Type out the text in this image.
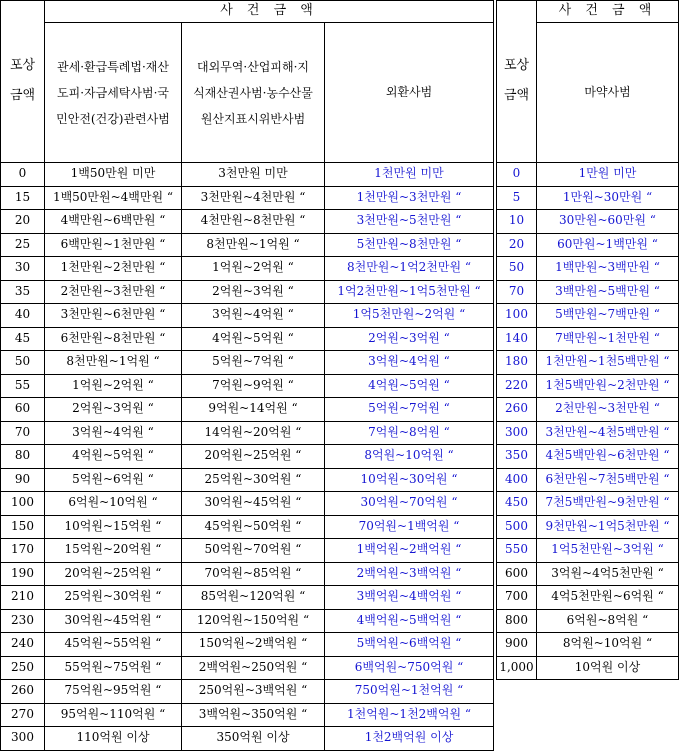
포상

금액	사 건 금 액		
	관세·환급특례법·재산
도피·자금세탁사범·국
민안전(건강)관련사범	대외무역·산업피해·지
식재산권사범·농수산물
원산지표시위반사범	외환사범
0	1백50만원 미만	3천만원 미만	1천만원 미만
15	1백50만원~4백만원 “	3천만원~4천만원 “	1천만원~3천만원 “
20	4백만원~6백만원 “	4천만원~8천만원 “	3천만원~5천만원 “
25	6백만원~1천만원 “	8천만원~1억원 “	5천만원~8천만원 “
30	1천만원~2천만원 “	1억원~2억원 “	8천만원~1억2천만원 “
35	2천만원~3천만원 “	2억원~3억원 “	1억2천만원~1억5천만원 “
40	3천만원~6천만원 “	3억원~4억원 “	1억5천만원~2억원 “
45	6천만원~8천만원 “	4억원~5억원 “	2억원~3억원 “
50	8천만원~1억원 “	5억원~7억원 “	3억원~4억원 “
55	1억원~2억원 “	7억원~9억원 “	4억원~5억원 “
60	2억원~3억원 “	9억원~14억원 “	5억원~7억원 “
70	3억원~4억원 “	14억원~20억원 “	7억원~8억원 “
80	4억원~5억원 “	20억원~25억원 “	8억원~10억원 “
90	5억원~6억원 “	25억원~30억원 “	10억원~30억원 “
100	6억원~10억원 “	30억원~45억원 “	30억원~70억원 “
150	10억원~15억원 “	45억원~50억원 “	70억원~1백억원 “
170	15억원~20억원 “	50억원~70억원 “	1백억원~2백억원 “
190	20억원~25억원 “	70억원~85억원 “	2백억원~3백억원 “
210	25억원~30억원 “	85억원~120억원 “	3백억원~4백억원 “
230	30억원~45억원 “	120억원~150억원 “	4백억원~5백억원 “
240	45억원~55억원 “	150억원~2백억원 “	5백억원~6백억원 “
250	55억원~75억원 “	2백억원~250억원 “	6백억원~750억원 “
260	75억원~95억원 “	250억원~3백억원 “	750억원~1천억원 “
270	95억원~110억원 “	3백억원~350억원 “	1천억원~1천2백억원 “
300	110억원 이상	350억원 이상	1천2백억원 이상
포상

금액	사 건 금 액
	마약사범
0	1만원 미만
5	1만원~30만원 “
10	30만원~60만원 “
20	60만원~1백만원 “
50	1백만원~3백만원 “
70	3백만원~5백만원 “
100	5백만원~7백만원 “
140	7백만원~1천만원 “
180	1천만원~1천5백만원 “
220	1천5백만원~2천만원 “
260	2천만원~3천만원 “
300	3천만원~4천5백만원 “
350	4천5백만원~6천만원 “
400	6천만원~7천5백만원 “
450	7천5백만원~9천만원 “
500	9천만원~1억5천만원 “
550	1억5천만원~3억원 “
600	3억원~4억5천만원 “
700	4억5천만원~6억원 “
800	6억원~8억원 “
900	8억원~10억원 “
1,000	10억원 이상
